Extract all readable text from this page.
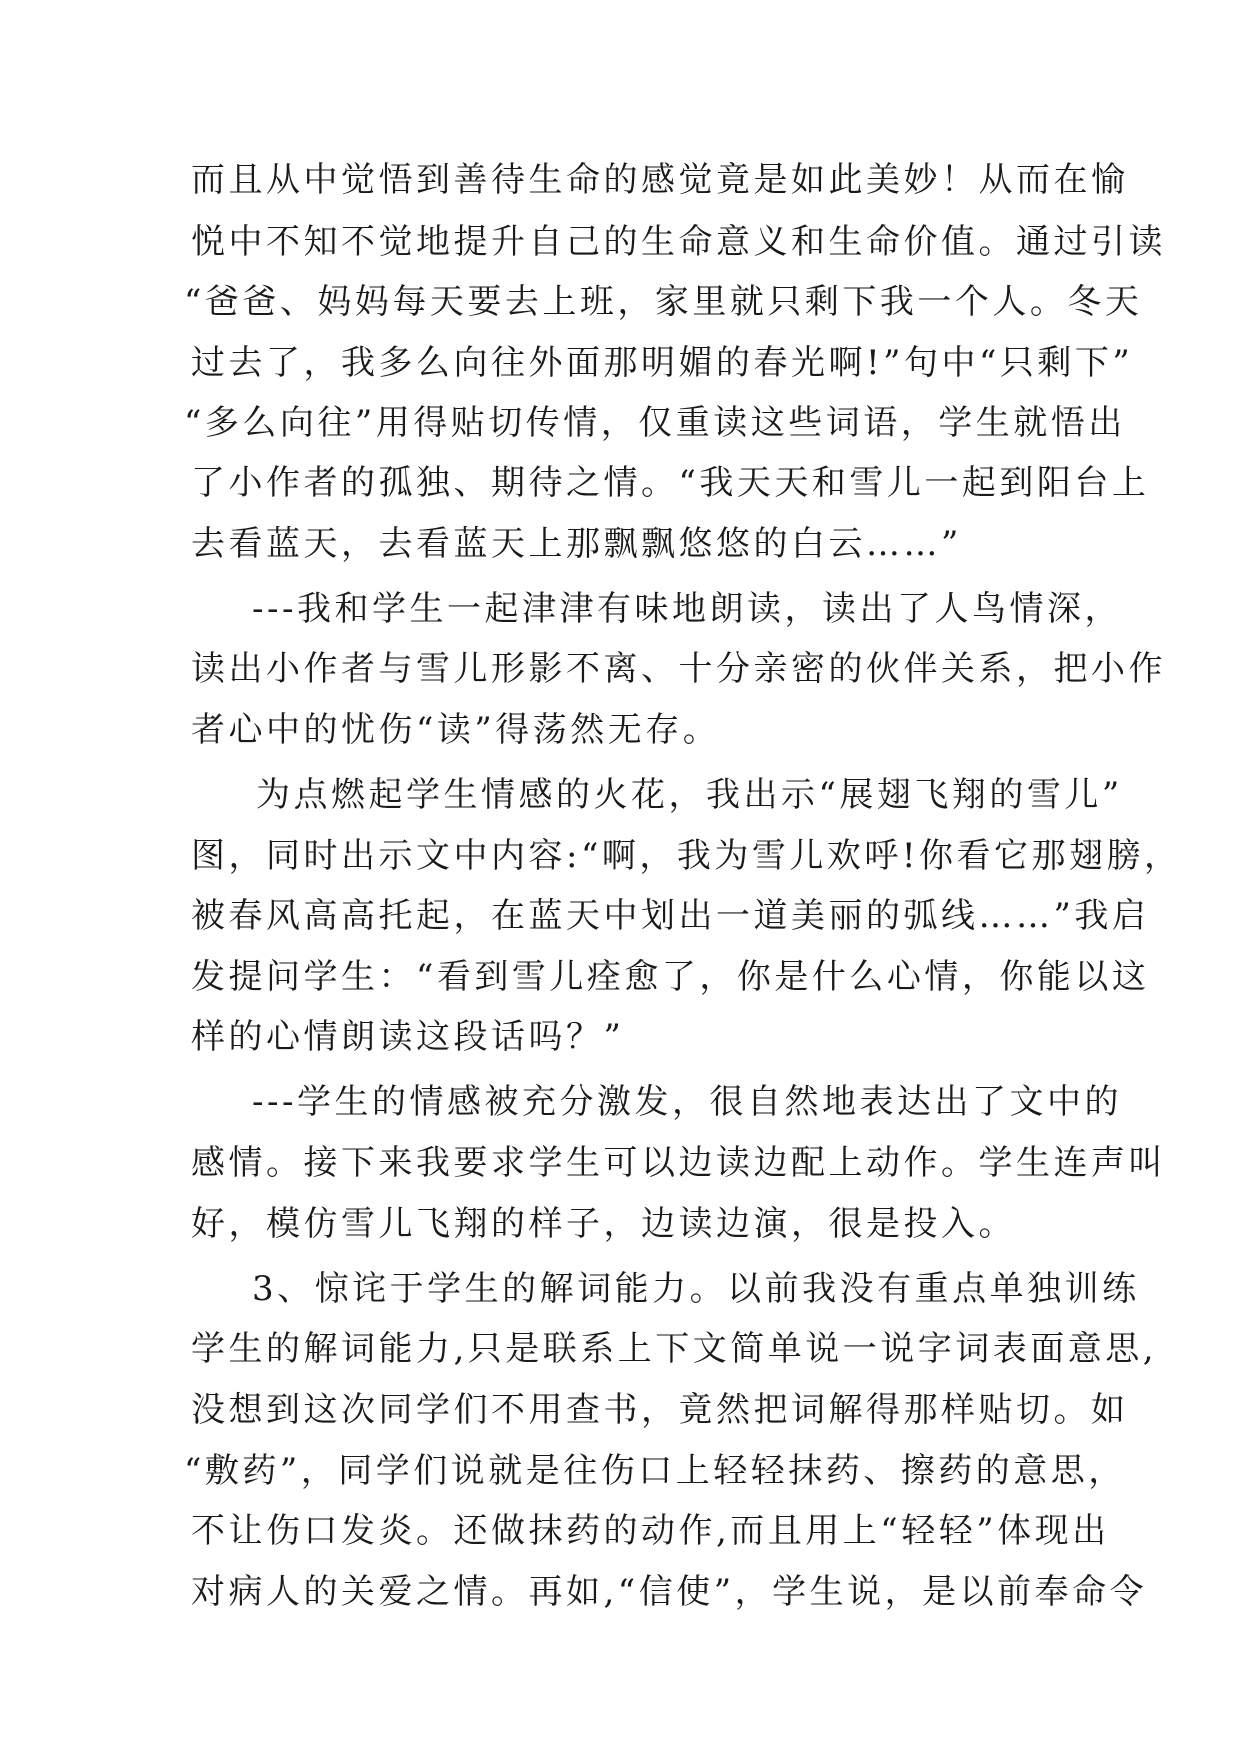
而且从中觉悟到善待生命的感觉竟是如此美妙！从而在愉
悦中不知不觉地提升自己的生命意义和生命价值。通过引读
“爸爸、妈妈每天要去上班，家里就只剩下我一个人。冬天
过去了，我多么向往外面那明媚的春光啊!”句中“只剩下”
“多么向往”用得贴切传情，仅重读这些词语，学生就悟出
了小作者的孤独、期待之情。“我天天和雪儿一起到阳台上
去看蓝天，去看蓝天上那飘飘悠悠的白云……”
---我和学生一起津津有味地朗读，读出了人鸟情深，
读出小作者与雪儿形影不离、十分亲密的伙伴关系，把小作
者心中的忧伤“读”得荡然无存。
为点燃起学生情感的火花，我出示“展翅飞翔的雪儿”
图，同时出示文中内容:“啊，我为雪儿欢呼!你看它那翅膀，
被春风高高托起，在蓝天中划出一道美丽的弧线……”我启
发提问学生：“看到雪儿痊愈了，你是什么心情，你能以这
样的心情朗读这段话吗？”
---学生的情感被充分激发，很自然地表达出了文中的
感情。接下来我要求学生可以边读边配上动作。学生连声叫
好，模仿雪儿飞翔的样子，边读边演，很是投入。
3、惊诧于学生的解词能力。以前我没有重点单独训练
学生的解词能力,只是联系上下文简单说一说字词表面意思,
没想到这次同学们不用查书，竟然把词解得那样贴切。如
“敷药”，同学们说就是往伤口上轻轻抹药、擦药的意思，
不让伤口发炎。还做抹药的动作,而且用上“轻轻”体现出
对病人的关爱之情。再如,“信使”，学生说，是以前奉命令
